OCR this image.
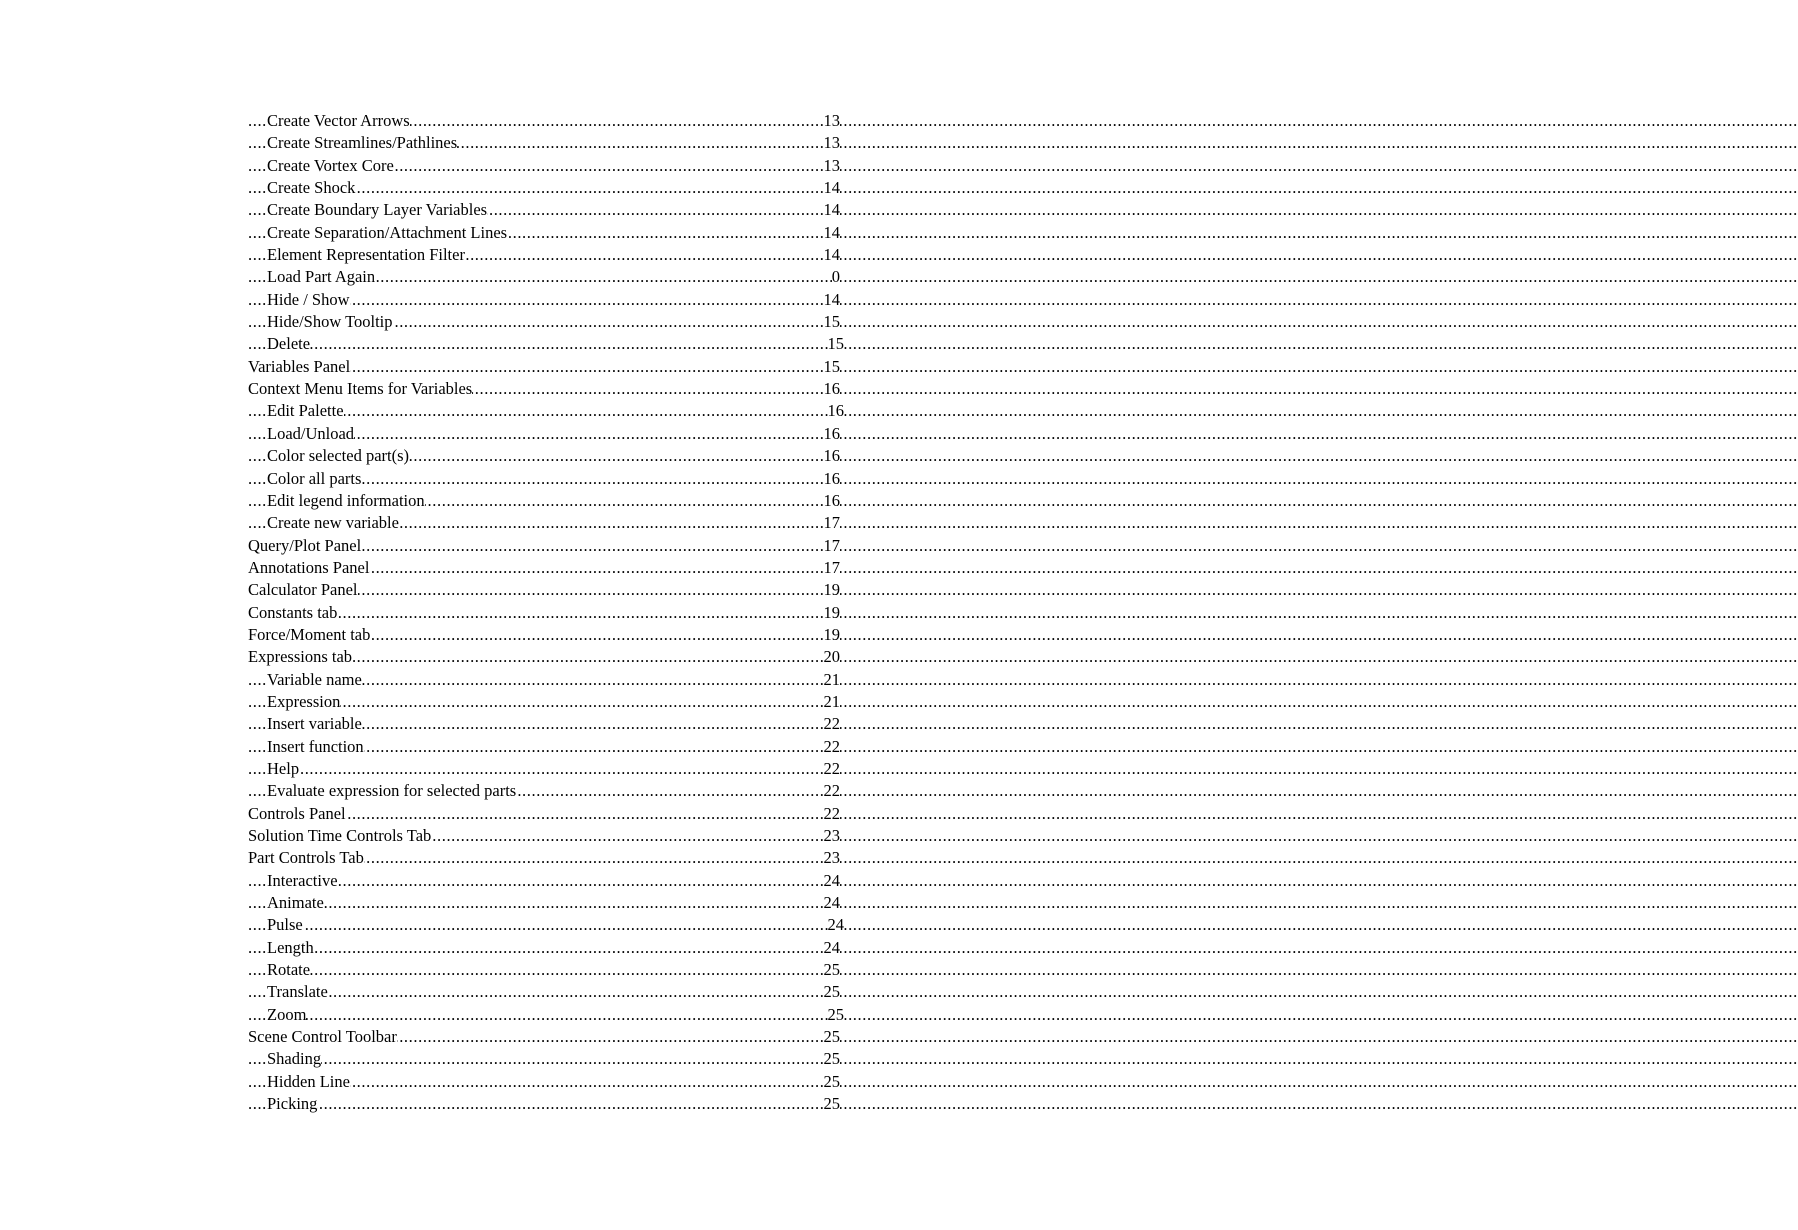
.....
Create Vector Arrows	13
.....
Create Streamlines/Pathlines	13
.....
Create Vortex Core	13
.....
Create Shock	14
.....
Create Boundary Layer Variables	14
.....
Create Separation/Attachment Lines	14
.....
Element Representation Filter	14
.....
Load Part Again	0
.....
Hide / Show	14
.....
Hide/Show Tooltip	15
.....
Delete	15
.....
Variables Panel	15
.....
Context Menu Items for Variables	16
.....
Edit Palette	16
.....
Load/Unload	16
.....
Color selected part(s)	16
.....
Color all parts	16
.....
Edit legend information	16
.....
Create new variable	17
.....
Query/Plot Panel	17
.....
Annotations Panel	17
.....
Calculator Panel	19
.....
Constants tab	19
.....
Force/Moment tab	19
.....
Expressions tab	20
.....
Variable name	21
.....
Expression	21
.....
Insert variable	22
.....
Insert function	22
.....
Help	22
.....
Evaluate expression for selected parts	22
.....
Controls Panel	22
.....
Solution Time Controls Tab	23
.....
Part Controls Tab	23
.....
Interactive	24
.....
Animate	24
.....
Pulse	24
.....
Length	24
.....
Rotate	25
.....
Translate	25
.....
Zoom	25
.....
Scene Control Toolbar	25
.....
Shading	25
.....
Hidden Line	25
.....
Picking	25
